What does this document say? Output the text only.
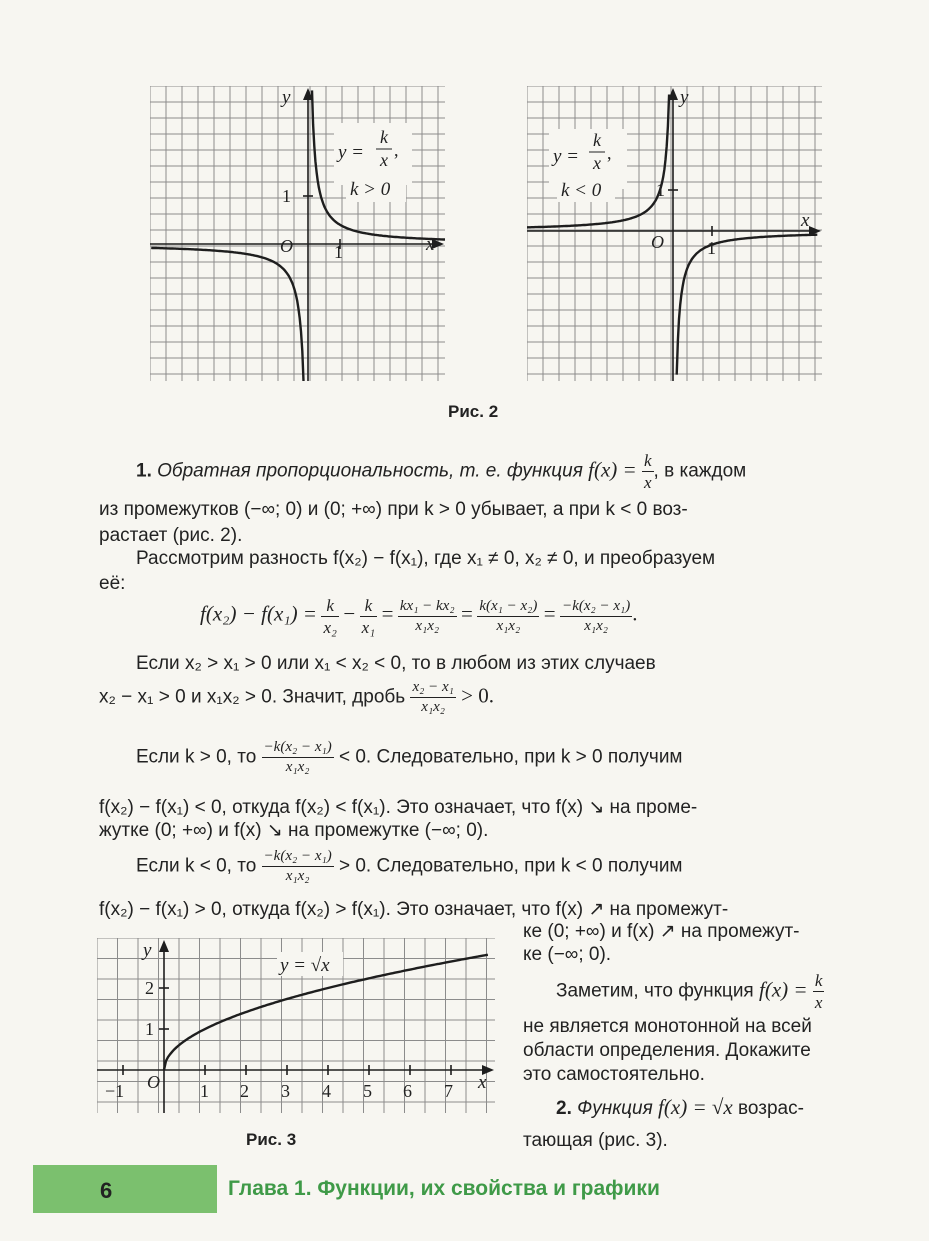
y
x
O 1
1
y =
k
x ,
k > 0
y
x
O 1
1
y =
k
x ,
k < 0
Рис. 2
1. Обратная пропорциональность, т. е. функция $f(x) = \frac{k}{x}$ , в каждом
из промежутков (−∞; 0) и (0; +∞) при k > 0 убывает, а при k < 0 воз-
растает (рис. 2).
Рассмотрим разность f(x₂) − f(x₁), где x₁ ≠ 0, x₂ ≠ 0, и преобразуем
её:
$f(x_2) - f(x_1) = \frac{k}{\text{x₂}} - \frac{k}{\text{x₁}} = \frac{\text{kx₁ − kx₂}}{\text{x₁x₂}} = \frac{\text{k(x₁ − x₂)}}{\text{x₁x₂}} = \frac{\text{−k(x₂ − x₁)}}{\text{x₁x₂}}$ .
Если x₂ > x₁ > 0 или x₁ < x₂ < 0, то в любом из этих случаев
x₂ − x₁ > 0 и x₁x₂ > 0. Значит, дробь $\frac{\text{x₂ − x₁}}{\text{x₁x₂}} > 0$.
Если k > 0, то $\frac{\text{−k(x₂ − x₁)}}{\text{x₁x₂}} < 0$. Следовательно, при k > 0 получим
f(x₂) − f(x₁) < 0, откуда f(x₂) < f(x₁). Это означает, что f(x) ↘ на проме-
жутке (0; +∞) и f(x) ↘ на промежутке (−∞; 0).
Если k < 0, то $\frac{\text{−k(x₂ − x₁)}}{\text{x₁x₂}} > 0$. Следовательно, при k < 0 получим
f(x₂) − f(x₁) > 0, откуда f(x₂) > f(x₁). Это означает, что f(x) ↗ на промежут-
ке (0; +∞) и f(x) ↗ на промежут-
ке (−∞; 0).
Заметим, что функция $f(x) = \frac{k}{x}$
не является монотонной на всей
области определения. Докажите
это самостоятельно.
2. Функция f(x) = √x возрас-
тающая (рис. 3).
y
x
O
y = √x
−1	1 2 3 4 5 6 7
1
2
Рис. 3
6	Глава 1. Функции, их свойства и графики
